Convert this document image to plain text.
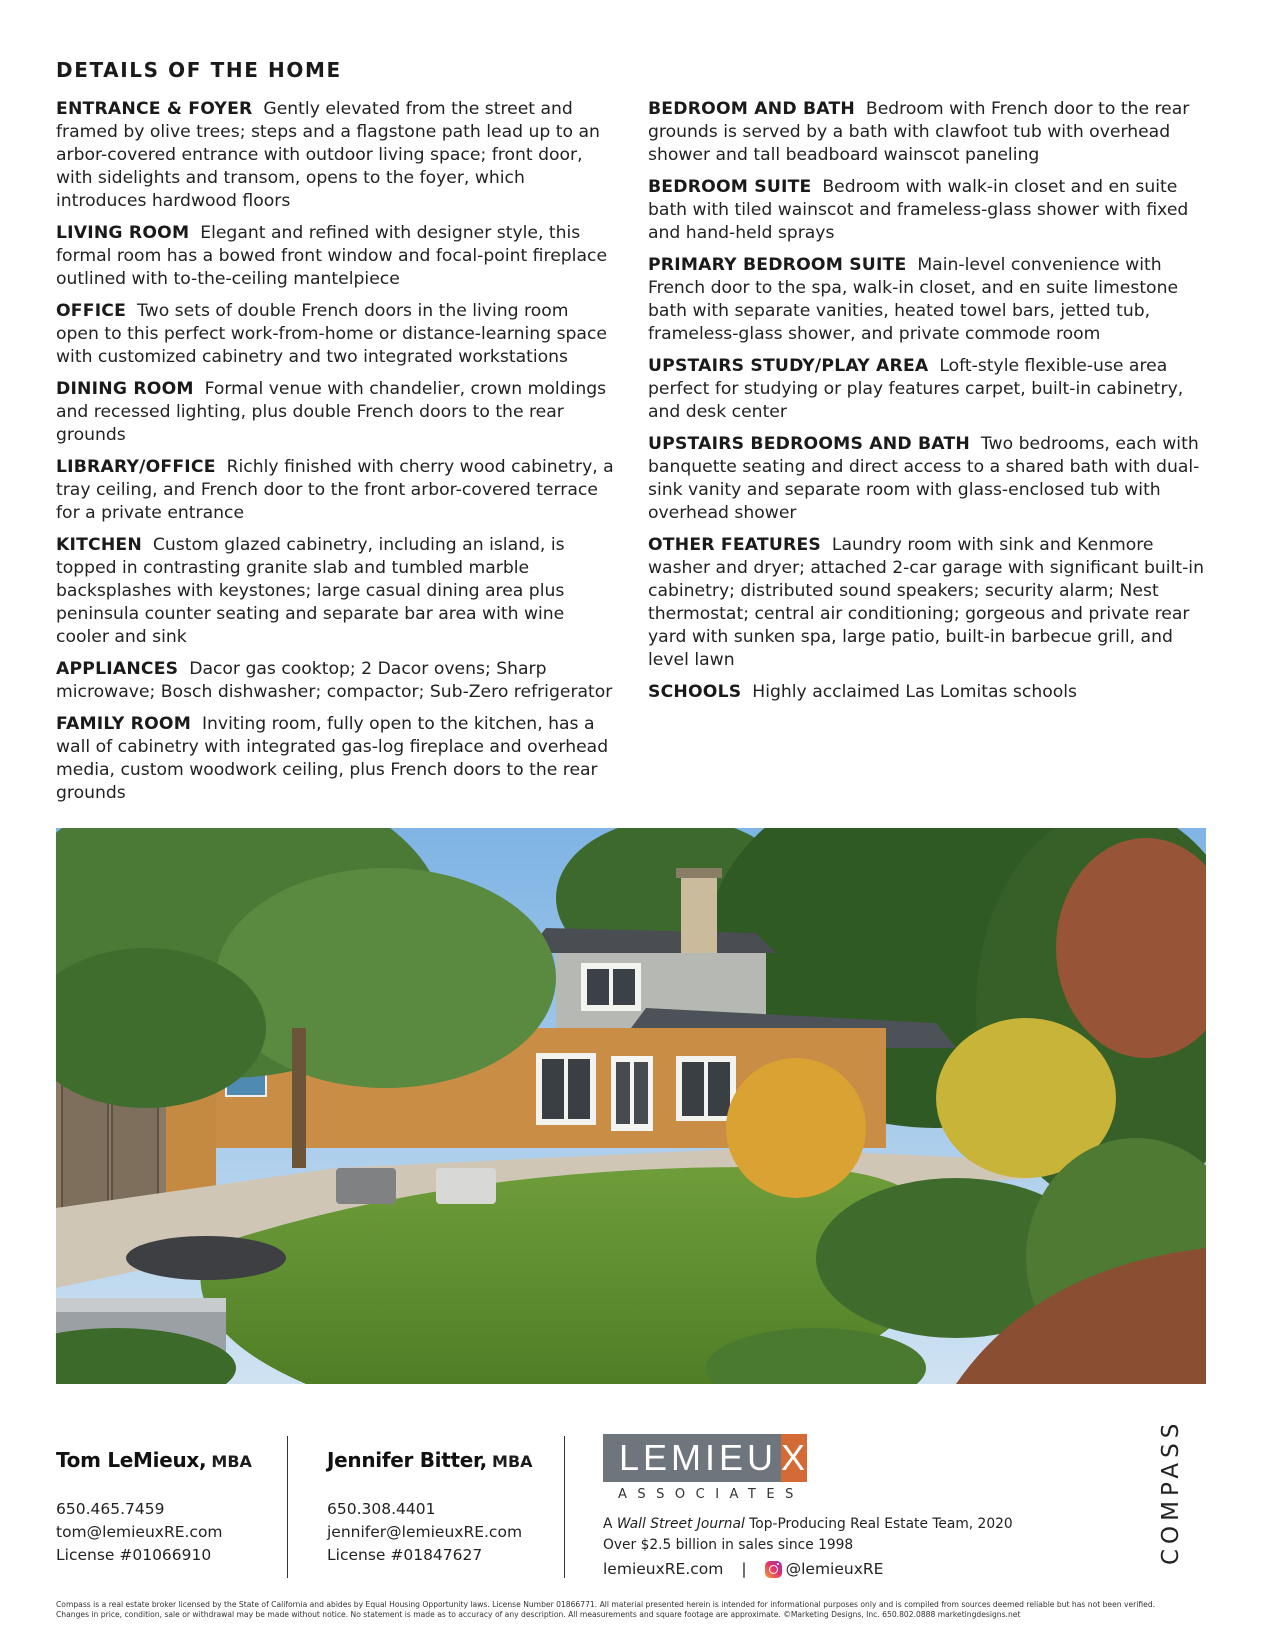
DETAILS OF THE HOME

ENTRANCE & FOYER Gently elevated from the street and framed by olive trees; steps and a flagstone path lead up to an arbor-covered entrance with outdoor living space; front door, with sidelights and transom, opens to the foyer, which introduces hardwood floors

LIVING ROOM Elegant and refined with designer style, this formal room has a bowed front window and focal-point fireplace outlined with to-the-ceiling mantelpiece

OFFICE Two sets of double French doors in the living room open to this perfect work-from-home or distance-learning space with customized cabinetry and two integrated workstations

DINING ROOM Formal venue with chandelier, crown moldings and recessed lighting, plus double French doors to the rear grounds

LIBRARY/OFFICE Richly finished with cherry wood cabinetry, a tray ceiling, and French door to the front arbor-covered terrace for a private entrance

KITCHEN Custom glazed cabinetry, including an island, is topped in contrasting granite slab and tumbled marble backsplashes with keystones; large casual dining area plus peninsula counter seating and separate bar area with wine cooler and sink

APPLIANCES Dacor gas cooktop; 2 Dacor ovens; Sharp microwave; Bosch dishwasher; compactor; Sub-Zero refrigerator

FAMILY ROOM Inviting room, fully open to the kitchen, has a wall of cabinetry with integrated gas-log fireplace and overhead media, custom woodwork ceiling, plus French doors to the rear grounds

BEDROOM AND BATH Bedroom with French door to the rear grounds is served by a bath with clawfoot tub with overhead shower and tall beadboard wainscot paneling

BEDROOM SUITE Bedroom with walk-in closet and en suite bath with tiled wainscot and frameless-glass shower with fixed and hand-held sprays

PRIMARY BEDROOM SUITE Main-level convenience with French door to the spa, walk-in closet, and en suite limestone bath with separate vanities, heated towel bars, jetted tub, frameless-glass shower, and private commode room

UPSTAIRS STUDY/PLAY AREA Loft-style flexible-use area perfect for studying or play features carpet, built-in cabinetry, and desk center

UPSTAIRS BEDROOMS AND BATH Two bedrooms, each with banquette seating and direct access to a shared bath with dual-sink vanity and separate room with glass-enclosed tub with overhead shower

OTHER FEATURES Laundry room with sink and Kenmore washer and dryer; attached 2-car garage with significant built-in cabinetry; distributed sound speakers; security alarm; Nest thermostat; central air conditioning; gorgeous and private rear yard with sunken spa, large patio, built-in barbecue grill, and level lawn

SCHOOLS Highly acclaimed Las Lomitas schools

Tom LeMieux, MBA
650.465.7459
tom@lemieuxRE.com
License #01066910
Jennifer Bitter, MBA
650.308.4401
jennifer@lemieuxRE.com
License #01847627
LEMIEU X
ASSOCIATES
A Wall Street Journal Top-Producing Real Estate Team, 2020
Over $2.5 billion in sales since 1998
lemieuxRE.com |	@lemieuxRE
COMPASS
Compass is a real estate broker licensed by the State of California and abides by Equal Housing Opportunity laws. License Number 01866771. All material presented herein is intended for informational purposes only and is compiled from sources deemed reliable but has not been verified. Changes in price, condition, sale or withdrawal may be made without notice. No statement is made as to accuracy of any description. All measurements and square footage are approximate. ©Marketing Designs, Inc. 650.802.0888 marketingdesigns.net
